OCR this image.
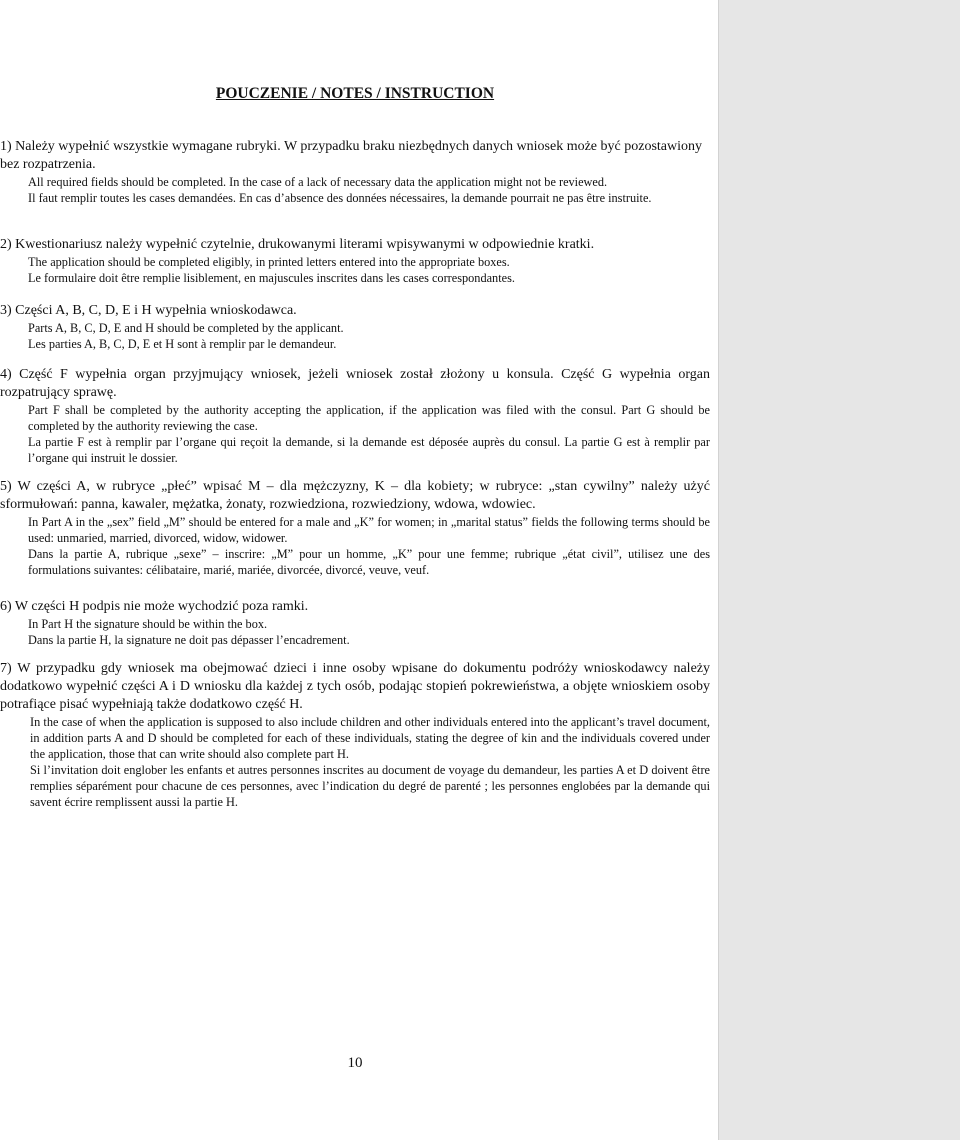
POUCZENIE / NOTES / INSTRUCTION

1) Należy wypełnić wszystkie wymagane rubryki. W przypadku braku niezbędnych danych wniosek może być pozostawiony bez rozpatrzenia.

All required fields should be completed. In the case of a lack of necessary data the application might not be reviewed.

Il faut remplir toutes les cases demandées. En cas d’absence des données nécessaires, la demande pourrait ne pas être instruite.

2) Kwestionariusz należy wypełnić czytelnie, drukowanymi literami wpisywanymi w odpowiednie kratki.

The application should be completed eligibly, in printed letters entered into the appropriate boxes.

Le formulaire doit être remplie lisiblement, en majuscules inscrites dans les cases correspondantes.

3) Części A, B, C, D, E i H wypełnia wnioskodawca.

Parts A, B, C, D, E and H should be completed by the applicant.

Les parties A, B, C, D, E et H sont à remplir par le demandeur.

4) Część F wypełnia organ przyjmujący wniosek, jeżeli wniosek został złożony u konsula. Część G wypełnia organ rozpatrujący sprawę.

Part F shall be completed by the authority accepting the application, if the application was filed with the consul. Part G should be completed by the authority reviewing the case.

La partie F est à remplir par l’organe qui reçoit la demande, si la demande est déposée auprès du consul. La partie G est à remplir par l’organe qui instruit le dossier.

5) W części A, w rubryce „płeć” wpisać M – dla mężczyzny, K – dla kobiety; w rubryce: „stan cywilny” należy użyć sformułowań: panna, kawaler, mężatka, żonaty, rozwiedziona, rozwiedziony, wdowa, wdowiec.

In Part A in the „sex” field „M” should be entered for a male and „K” for women; in „marital status” fields the following terms should be used: unmaried, married, divorced, widow, widower.

Dans la partie A, rubrique „sexe” – inscrire: „M” pour un homme, „K” pour une femme; rubrique „état civil”, utilisez une des formulations suivantes: célibataire, marié, mariée, divorcée, divorcé, veuve, veuf.

6) W części H podpis nie może wychodzić poza ramki.

In Part H the signature should be within the box.

Dans la partie H, la signature ne doit pas dépasser l’encadrement.

7) W przypadku gdy wniosek ma obejmować dzieci i inne osoby wpisane do dokumentu podróży wnioskodawcy należy dodatkowo wypełnić części A i D wniosku dla każdej z tych osób, podając stopień pokrewieństwa, a objęte wnioskiem osoby potrafiące pisać wypełniają także dodatkowo część H.

In the case of when the application is supposed to also include children and other individuals entered into the applicant’s travel document, in addition parts A and D should be completed for each of these individuals, stating the degree of kin and the individuals covered under the application, those that can write should also complete part H.

Si l’invitation doit englober les enfants et autres personnes inscrites au document de voyage du demandeur, les parties A et D doivent être remplies séparément pour chacune de ces personnes, avec l’indication du degré de parenté ; les personnes englobées par la demande qui savent écrire remplissent aussi la partie H.

10
